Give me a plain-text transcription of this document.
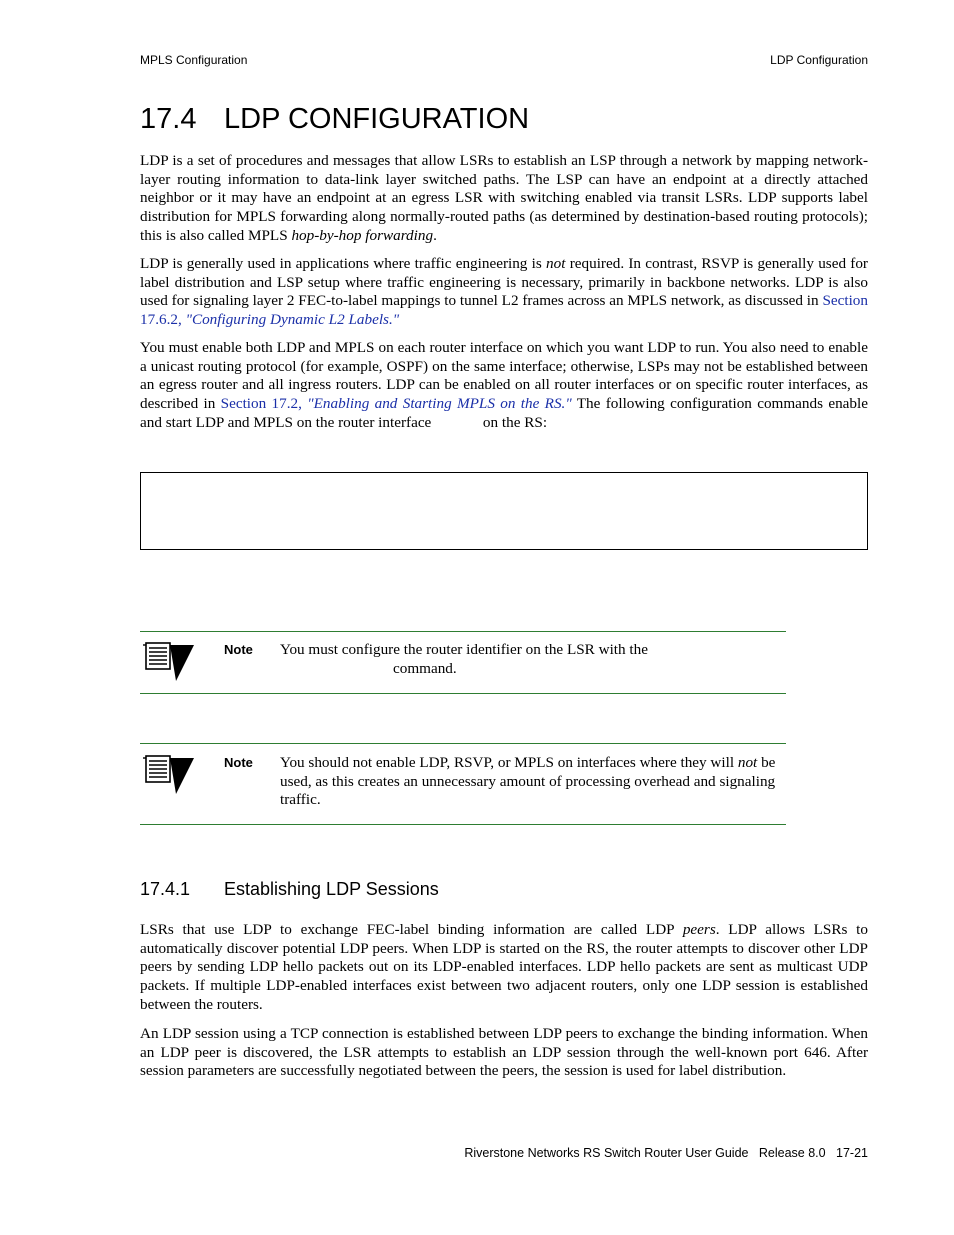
MPLS Configuration	LDP Configuration
17.4 LDP CONFIGURATION

LDP is a set of procedures and messages that allow LSRs to establish an LSP through a network by mapping network-layer routing information to data-link layer switched paths. The LSP can have an endpoint at a directly attached neighbor or it may have an endpoint at an egress LSR with switching enabled via transit LSRs. LDP supports label distribution for MPLS forwarding along normally-routed paths (as determined by destination-based routing protocols); this is also called MPLS hop-by-hop forwarding.

LDP is generally used in applications where traffic engineering is not required. In contrast, RSVP is generally used for label distribution and LSP setup where traffic engineering is necessary, primarily in backbone networks. LDP is also used for signaling layer 2 FEC-to-label mappings to tunnel L2 frames across an MPLS network, as discussed in Section 17.6.2, "Configuring Dynamic L2 Labels."

You must enable both LDP and MPLS on each router interface on which you want LDP to run. You also need to enable a unicast routing protocol (for example, OSPF) on the same interface; otherwise, LSPs may not be established between an egress router and all ingress routers. LDP can be enabled on all router interfaces or on specific router interfaces, as described in Section 17.2, "Enabling and Starting MPLS on the RS." The following configuration commands enable and start LDP and MPLS on the router interface	on the RS:

Note You must configure the router identifier on the LSR with the
command.

Note You should not enable LDP, RSVP, or MPLS on interfaces where they will not be used, as this creates an unnecessary amount of processing overhead and signaling traffic.

17.4.1 Establishing LDP Sessions

LSRs that use LDP to exchange FEC-label binding information are called LDP peers. LDP allows LSRs to automatically discover potential LDP peers. When LDP is started on the RS, the router attempts to discover other LDP peers by sending LDP hello packets out on its LDP-enabled interfaces. LDP hello packets are sent as multicast UDP packets. If multiple LDP-enabled interfaces exist between two adjacent routers, only one LDP session is established between the routers.

An LDP session using a TCP connection is established between LDP peers to exchange the binding information. When an LDP peer is discovered, the LSR attempts to establish an LDP session through the well-known port 646. After session parameters are successfully negotiated between the peers, the session is used for label distribution.

Riverstone Networks RS Switch Router User Guide   Release 8.0   17-21
